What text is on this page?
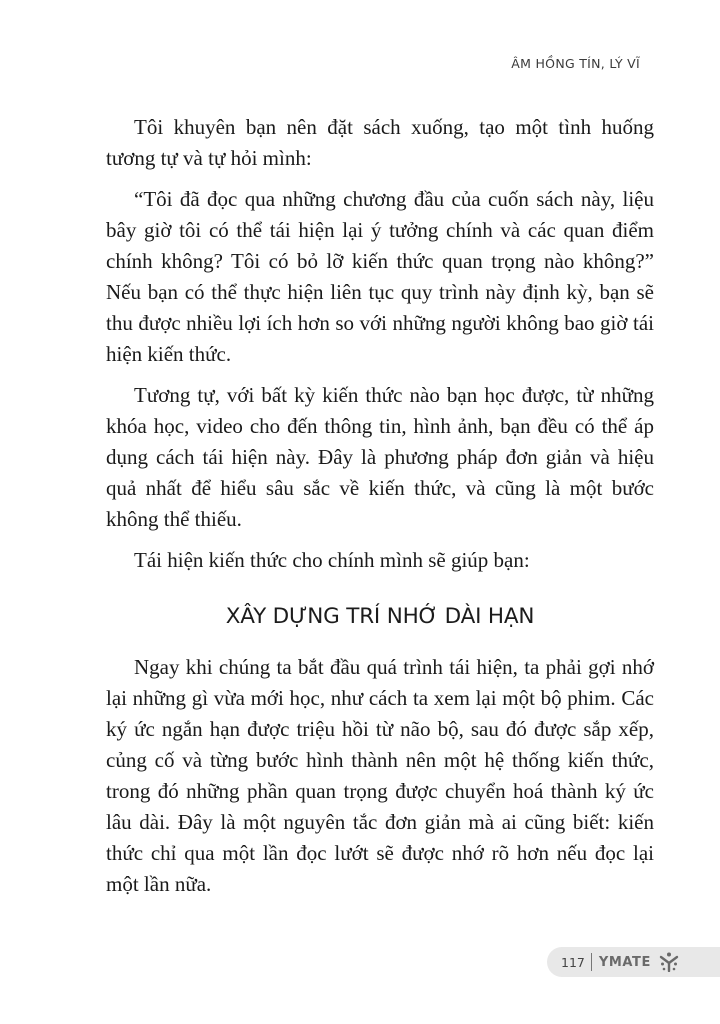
ÂM HỒNG TÍN, LÝ VĨ

Tôi khuyên bạn nên đặt sách xuống, tạo một tình huống tương tự và tự hỏi mình:

“Tôi đã đọc qua những chương đầu của cuốn sách này, liệu bây giờ tôi có thể tái hiện lại ý tưởng chính và các quan điểm chính không? Tôi có bỏ lỡ kiến thức quan trọng nào không?” Nếu bạn có thể thực hiện liên tục quy trình này định kỳ, bạn sẽ thu được nhiều lợi ích hơn so với những người không bao giờ tái hiện kiến thức.

Tương tự, với bất kỳ kiến thức nào bạn học được, từ những khóa học, video cho đến thông tin, hình ảnh, bạn đều có thể áp dụng cách tái hiện này. Đây là phương pháp đơn giản và hiệu quả nhất để hiểu sâu sắc về kiến thức, và cũng là một bước không thể thiếu.

Tái hiện kiến thức cho chính mình sẽ giúp bạn:

XÂY DỰNG TRÍ NHỚ DÀI HẠN

Ngay khi chúng ta bắt đầu quá trình tái hiện, ta phải gợi nhớ lại những gì vừa mới học, như cách ta xem lại một bộ phim. Các ký ức ngắn hạn được triệu hồi từ não bộ, sau đó được sắp xếp, củng cố và từng bước hình thành nên một hệ thống kiến thức, trong đó những phần quan trọng được chuyển hoá thành ký ức lâu dài. Đây là một nguyên tắc đơn giản mà ai cũng biết: kiến thức chỉ qua một lần đọc lướt sẽ được nhớ rõ hơn nếu đọc lại một lần nữa.

117 YMATE
